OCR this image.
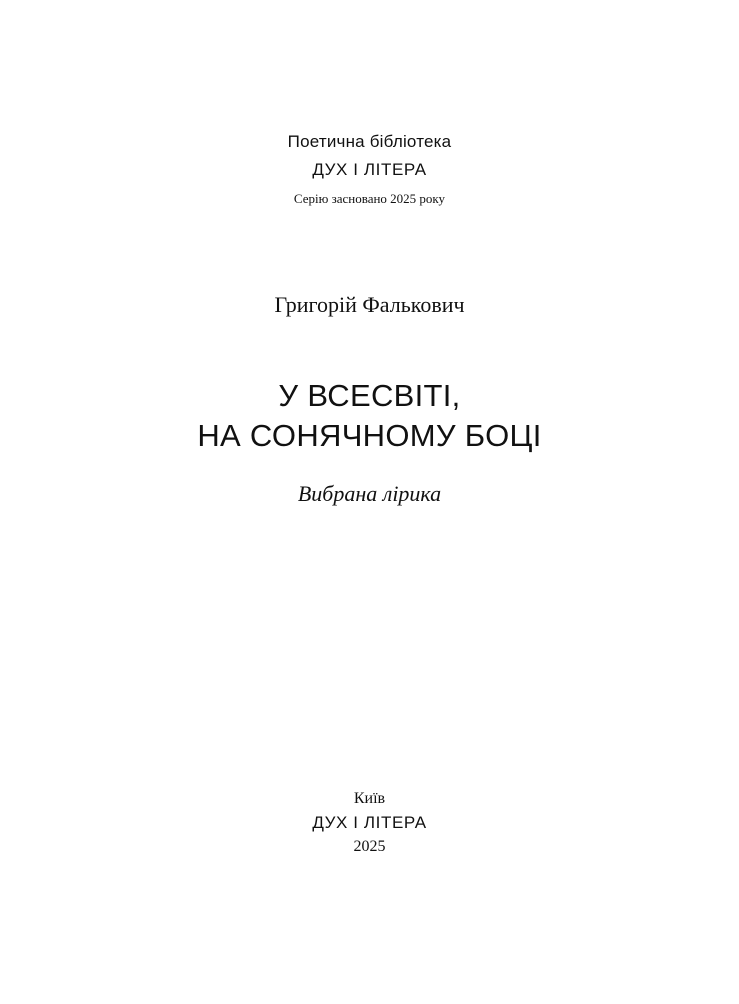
Поетична бібліотека

ДУХ І ЛІТЕРА

Серію засновано 2025 року

Григорій Фалькович

У ВСЕСВІТІ,
НА СОНЯЧНОМУ БОЦІ

Вибрана лірика

Київ

ДУХ І ЛІТЕРА

2025
